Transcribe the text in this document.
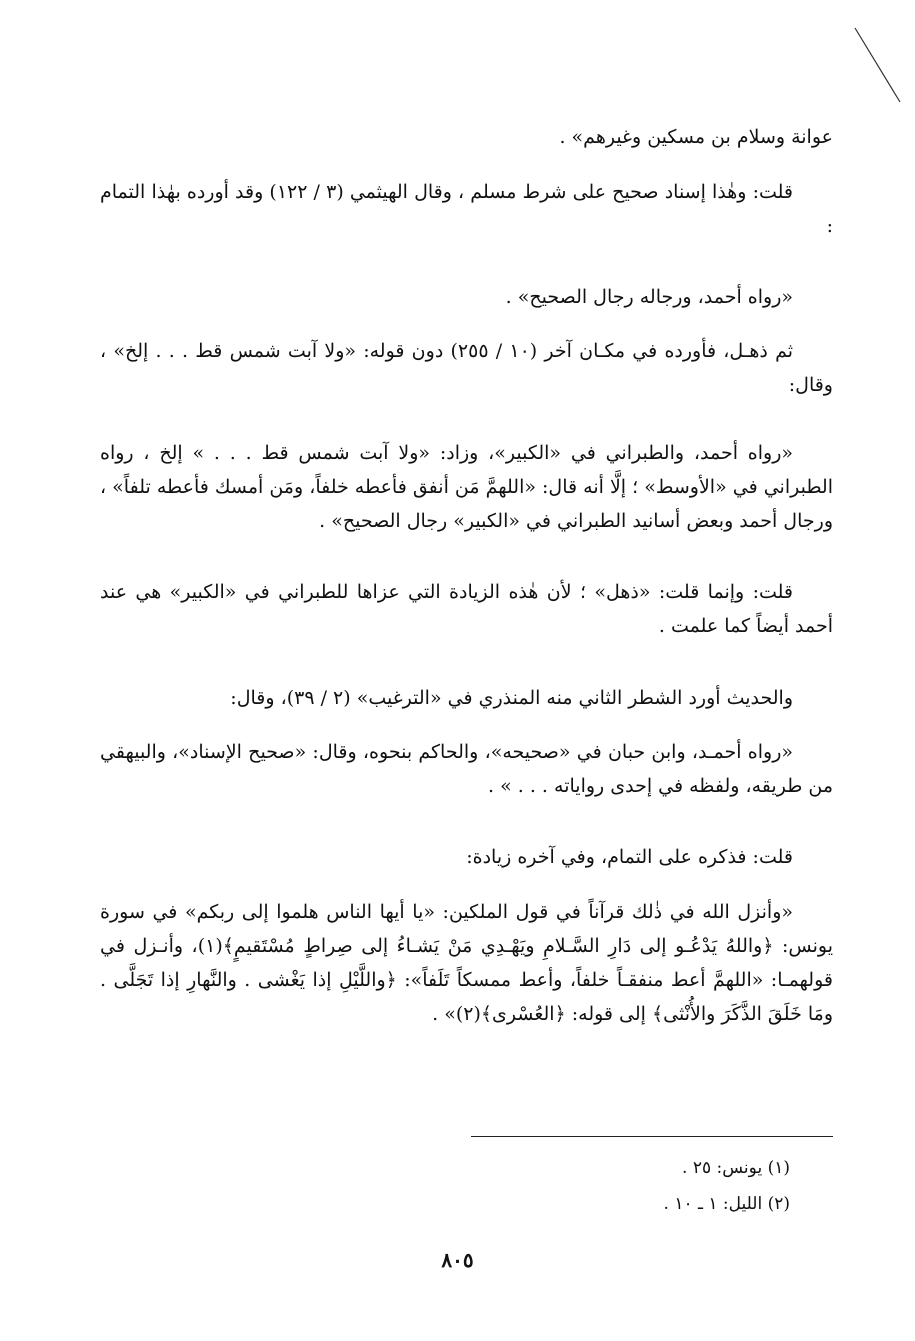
عوانة وسلام بن مسكين وغيرهم» .

قلت: وهٰذا إسناد صحيح على شرط مسلم ، وقال الهيثمي (٣ / ١٢٢) وقد أورده بهٰذا التمام :

«رواه أحمد، ورجاله رجال الصحيح» .

ثم ذهـل، فأورده في مكـان آخر (١٠ / ٢٥٥) دون قوله: «ولا آبت شمس قط . . . إلخ» ، وقال:

«رواه أحمد، والطبراني في «الكبير»، وزاد: «ولا آبت شمس قط . . . » إلخ ، رواه الطبراني في «الأوسط» ؛ إلَّا أنه قال: «اللهمَّ مَن أنفق فأعطه خلفاً، ومَن أمسك فأعطه تلفاً» ، ورجال أحمد وبعض أسانيد الطبراني في «الكبير» رجال الصحيح» .

قلت: وإنما قلت: «ذهل» ؛ لأن هٰذه الزيادة التي عزاها للطبراني في «الكبير» هي عند أحمد أيضاً كما علمت .

والحديث أورد الشطر الثاني منه المنذري في «الترغيب» (٢ / ٣٩)، وقال:

«رواه أحمـد، وابن حبان في «صحيحه»، والحاكم بنحوه، وقال: «صحيح الإسناد»، والبيهقي من طريقه، ولفظه في إحدى رواياته . . . » .

قلت: فذكره على التمام، وفي آخره زيادة:

«وأنزل الله في ذٰلك قرآناً في قول الملكين: «يا أيها الناس هلموا إلى ربكم» في سورة يونس: ﴿واللهُ يَدْعُـو إلى دَارِ السَّـلامِ ويَهْـدِي مَنْ يَشـاءُ إلى صِراطٍ مُسْتَقيمٍ﴾(١)، وأنـزل في قولهمـا: «اللهمَّ أعط منفقـاً خلفاً، وأعط ممسكاً تَلَفاً»: ﴿واللَّيْلِ إذا يَغْشى . والنَّهارِ إذا تَجَلَّى . ومَا خَلَقَ الذَّكَرَ والأُنْثى﴾ إلى قوله: ﴿العُسْرى﴾(٢)» .

(١) يونس: ٢٥ .
(٢) الليل: ١ ـ ١٠ .
٨٠٥
